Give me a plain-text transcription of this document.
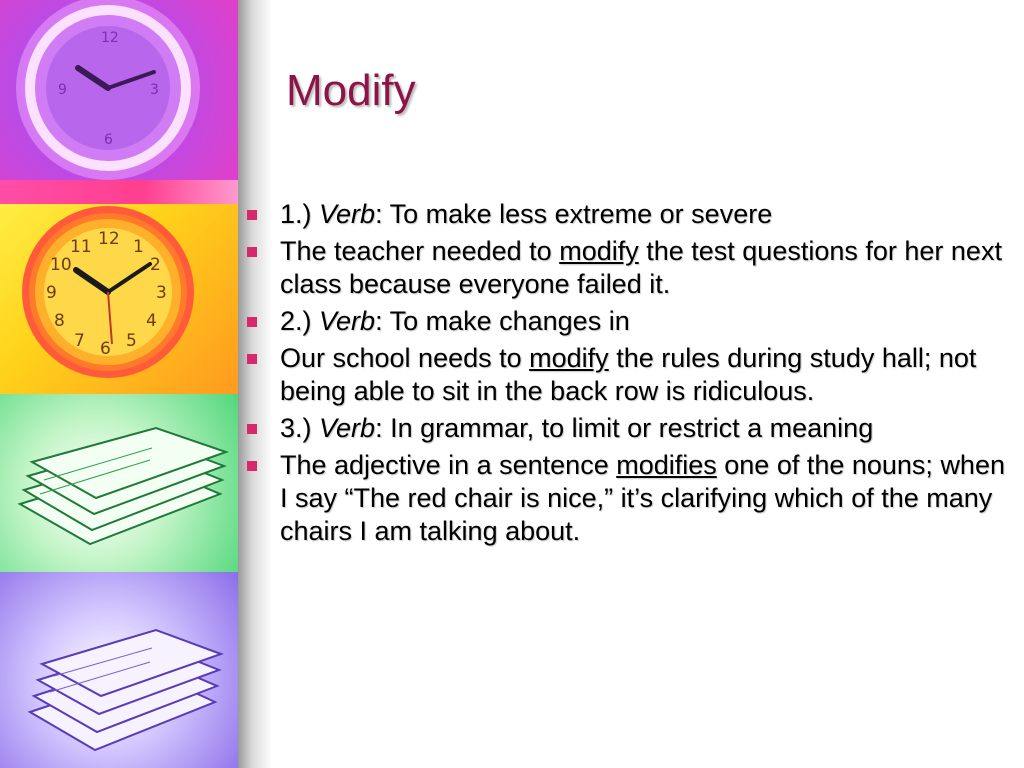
12
3
6
9
12 1
2
3
4
5
6
7
8
9
10
11
Modify
1.) Verb: To make less extreme or severe
The teacher needed to modify the test questions for her next class because everyone failed it.
2.) Verb: To make changes in
Our school needs to modify the rules during study hall; not being able to sit in the back row is ridiculous.
3.) Verb: In grammar, to limit or restrict a meaning
The adjective in a sentence modifies one of the nouns; when I say “The red chair is nice,” it’s clarifying which of the many chairs I am talking about.
